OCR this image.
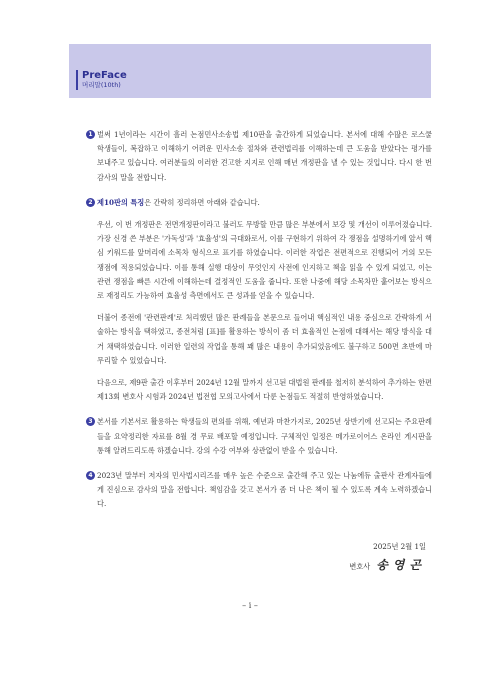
PreFace
머리말(10th)
1 벌써 1년이라는 시간이 흘러 논점민사소송법 제10판을 출간하게 되었습니다. 본서에 대해 수많은 로스쿨 학생들이, 복잡하고 이해하기 어려운 민사소송 절차와 관련법리를 이해하는데 큰 도움을 받았다는 평가를 보내주고 있습니다. 여러분들의 이러한 견고한 지지로 인해 매년 개정판을 낼 수 있는 것입니다. 다시 한 번 감사의 말을 전합니다.
2 제10판의 특징은 간략히 정리하면 아래와 같습니다.
우선, 이 번 개정판은 전면개정판이라고 불러도 무방할 만큼 많은 부분에서 보강 및 개선이 이루어졌습니다. 가장 신경 쓴 부분은 '가독성'과 '효율성'의 극대화로서, 이를 구현하기 위하여 각 쟁점을 설명하기에 앞서 핵심 키워드를 앞머리에 소목차 형식으로 표기를 하였습니다. 이러한 작업은 전편적으로 진행되어 거의 모든 쟁점에 적용되었습니다. 이를 통해 실행 대상이 무엇인지 사전에 인지하고 책을 읽을 수 있게 되었고, 이는 관련 쟁점을 빠른 시간에 이해하는데 결정적인 도움을 줍니다. 또한 나중에 해당 소목차만 훑어보는 방식으로 재정리도 가능하여 효율성 측면에서도 큰 성과를 얻을 수 있습니다.
더불어 종전에 '관련판례'로 처리했던 많은 판례들을 본문으로 들어내 핵심적인 내용 중심으로 간략하게 서술하는 방식을 택하였고, 종전처럼 [표]를 활용하는 방식이 좀 더 효율적인 논점에 대해서는 해당 방식을 대거 채택하였습니다. 이러한 일련의 작업을 통해 꽤 많은 내용이 추가되었음에도 불구하고 500면 초반에 마무리할 수 있었습니다.
다음으로, 제9판 출간 이후부터 2024년 12월 말까지 선고된 대법원 판례를 철저히 분석하여 추가하는 한편 제13회 변호사 시험과 2024년 법전협 모의고사에서 다룬 논점들도 적절히 반영하였습니다.
3 본서를 기본서로 활용하는 학생들의 편의를 위해, 예년과 마찬가지로, 2025년 상반기에 선고되는 주요판례들을 요약정리한 자료를 8월 경 무료 배포할 예정입니다. 구체적인 일정은 메가로이어스 온라인 게시판을 통해 알려드리도록 하겠습니다. 강의 수강 여부와 상관없이 받을 수 있습니다.
4 2023년 말부터 저자의 민사법시리즈를 매우 높은 수준으로 출간해 주고 있는 나눔에듀 출판사 관계자들에게 진심으로 감사의 말을 전합니다. 책임감을 갖고 본서가 좀 더 나은 책이 될 수 있도록 계속 노력하겠습니다.
2025년 2월 1일
변호사 송영곤
– i –
